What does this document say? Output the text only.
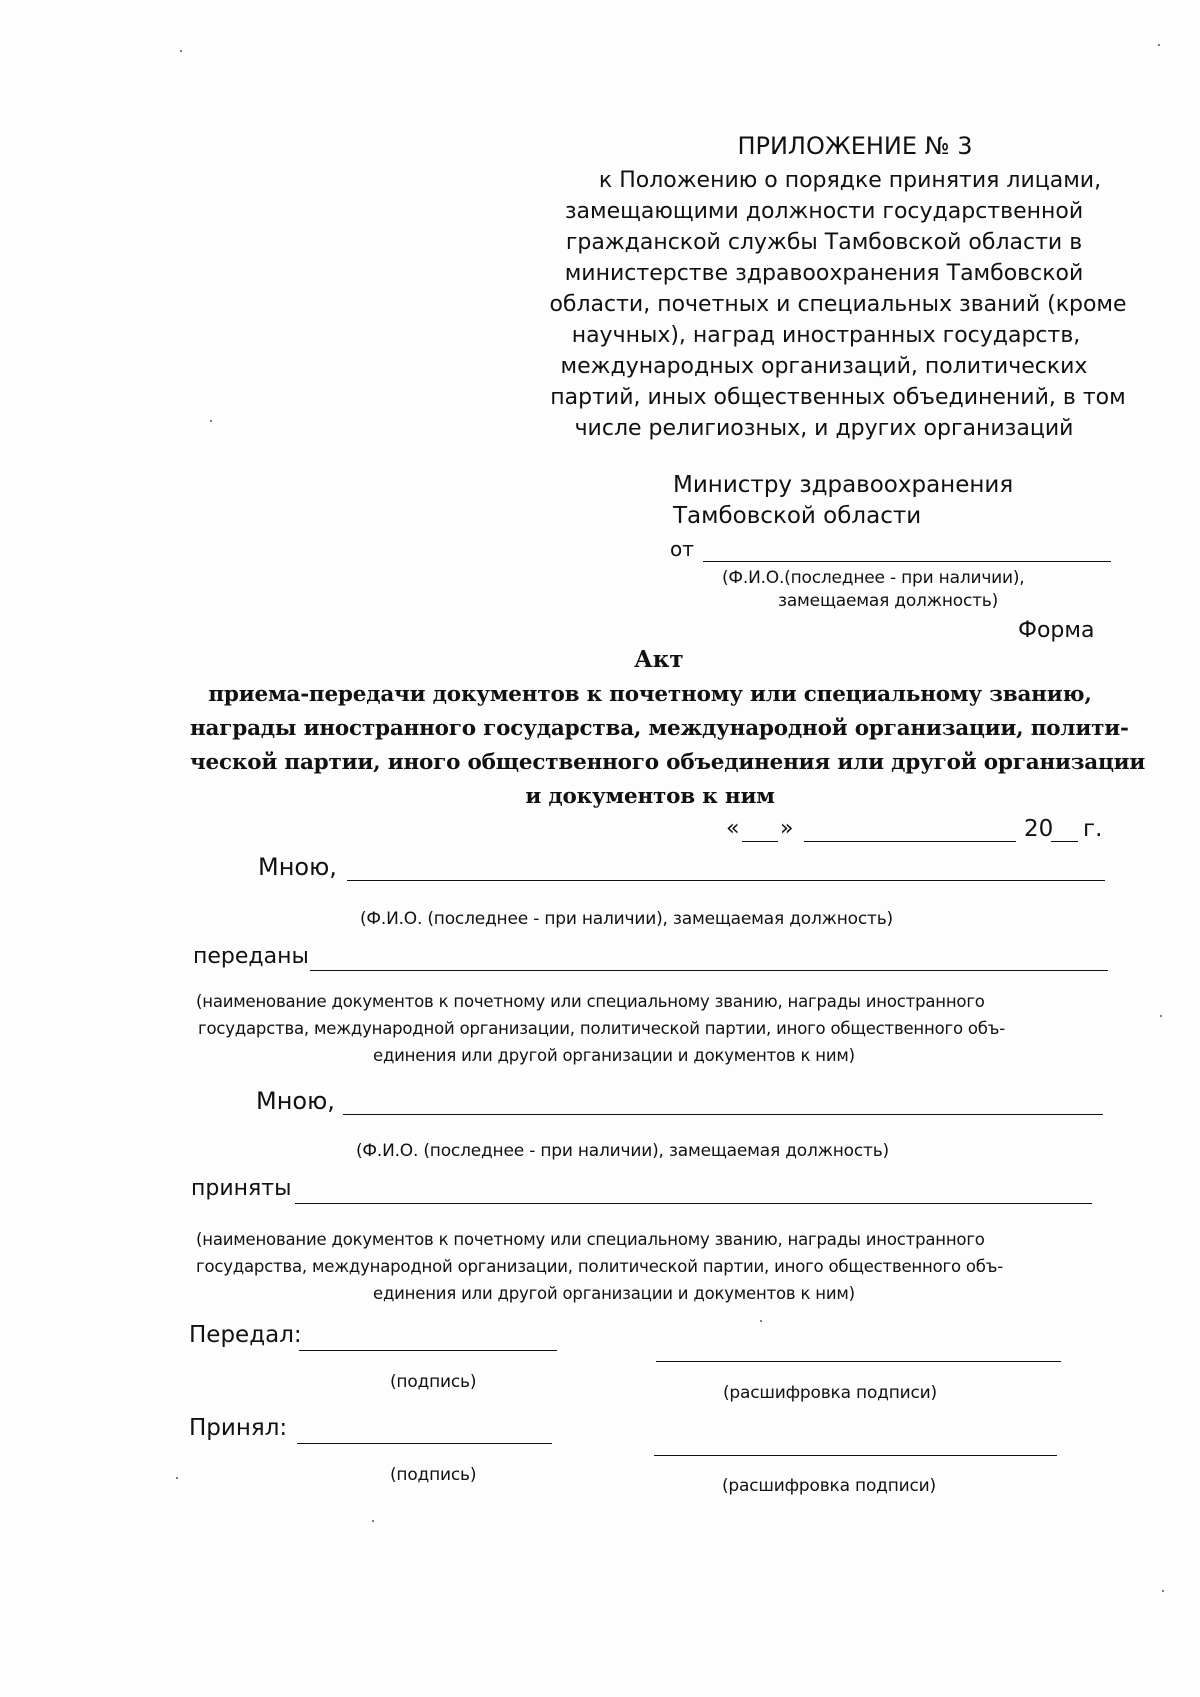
ПРИЛОЖЕНИЕ № 3
к Положению о порядке принятия лицами,
замещающими должности государственной
гражданской службы Тамбовской области в
министерстве здравоохранения Тамбовской
области, почетных и специальных званий (кроме
научных), наград иностранных государств,
международных организаций, политических
партий, иных общественных объединений, в том
числе религиозных, и других организаций
Министру здравоохранения
Тамбовской области
от
(Ф.И.О.(последнее - при наличии),
замещаемая должность)
Форма
Акт
приема-передачи документов к почетному или специальному званию,
награды иностранного государства, международной организации, полити-
ческой партии, иного общественного объединения или другой организации
и документов к ним
« »	20 г.
Мною,
(Ф.И.О. (последнее - при наличии), замещаемая должность)
переданы
(наименование документов к почетному или специальному званию, награды иностранного
государства, международной организации, политической партии, иного общественного объ-
единения или другой организации и документов к ним)
Мною,
(Ф.И.О. (последнее - при наличии), замещаемая должность)
приняты
(наименование документов к почетному или специальному званию, награды иностранного
государства, международной организации, политической партии, иного общественного объ-
единения или другой организации и документов к ним)
Передал:
(подпись)
(расшифровка подписи)
Принял:
(подпись)
(расшифровка подписи)
